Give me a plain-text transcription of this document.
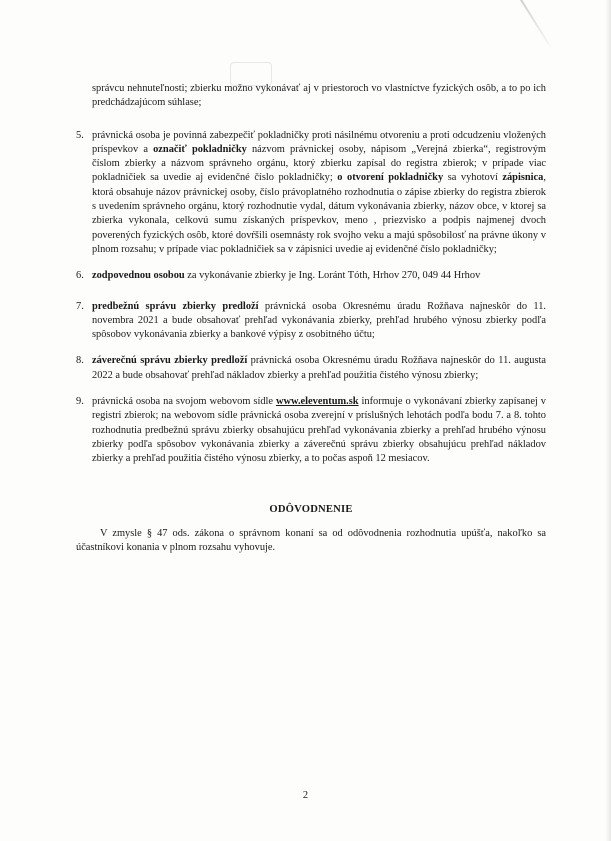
správcu nehnuteľnosti; zbierku možno vykonávať aj v priestoroch vo vlastníctve fyzických osôb, a to po ich predchádzajúcom súhlase;

5. právnická osoba je povinná zabezpečiť pokladničky proti násilnému otvoreniu a proti odcudzeniu vložených príspevkov a označiť pokladničky názvom právnickej osoby, nápisom „Verejná zbierka“, registrovým číslom zbierky a názvom správneho orgánu, ktorý zbierku zapísal do registra zbierok; v prípade viac pokladničiek sa uvedie aj evidenčné číslo pokladničky; o otvorení pokladničky sa vyhotoví zápisnica, ktorá obsahuje názov právnickej osoby, číslo právoplatného rozhodnutia o zápise zbierky do registra zbierok s uvedením správneho orgánu, ktorý rozhodnutie vydal, dátum vykonávania zbierky, názov obce, v ktorej sa zbierka vykonala, celkovú sumu získaných príspevkov, meno , priezvisko a podpis najmenej dvoch poverených fyzických osôb, ktoré dovŕšili osemnásty rok svojho veku a majú spôsobilosť na právne úkony v plnom rozsahu; v prípade viac pokladničiek sa v zápisnici uvedie aj evidenčné číslo pokladničky;
6. zodpovednou osobou za vykonávanie zbierky je Ing. Loránt Tóth, Hrhov 270, 049 44 Hrhov
7. predbežnú správu zbierky predloží právnická osoba Okresnému úradu Rožňava najneskôr do 11. novembra 2021 a bude obsahovať prehľad vykonávania zbierky, prehľad hrubého výnosu zbierky podľa spôsobov vykonávania zbierky a bankové výpisy z osobitného účtu;
8. záverečnú správu zbierky predloží právnická osoba Okresnému úradu Rožňava najneskôr do 11. augusta 2022 a bude obsahovať prehľad nákladov zbierky a prehľad použitia čistého výnosu zbierky;
9. právnická osoba na svojom webovom sídle www.eleventum.sk informuje o vykonávaní zbierky zapísanej v registri zbierok; na webovom sídle právnická osoba zverejní v príslušných lehotách podľa bodu 7. a 8. tohto rozhodnutia predbežnú správu zbierky obsahujúcu prehľad vykonávania zbierky a prehľad hrubého výnosu zbierky podľa spôsobov vykonávania zbierky a záverečnú správu zbierky obsahujúcu prehľad nákladov zbierky a prehľad použitia čistého výnosu zbierky, a to počas aspoň 12 mesiacov.
ODÔVODNENIE

V zmysle § 47 ods. zákona o správnom konaní sa od odôvodnenia rozhodnutia upúšťa, nakoľko sa účastníkovi konania v plnom rozsahu vyhovuje.

2
